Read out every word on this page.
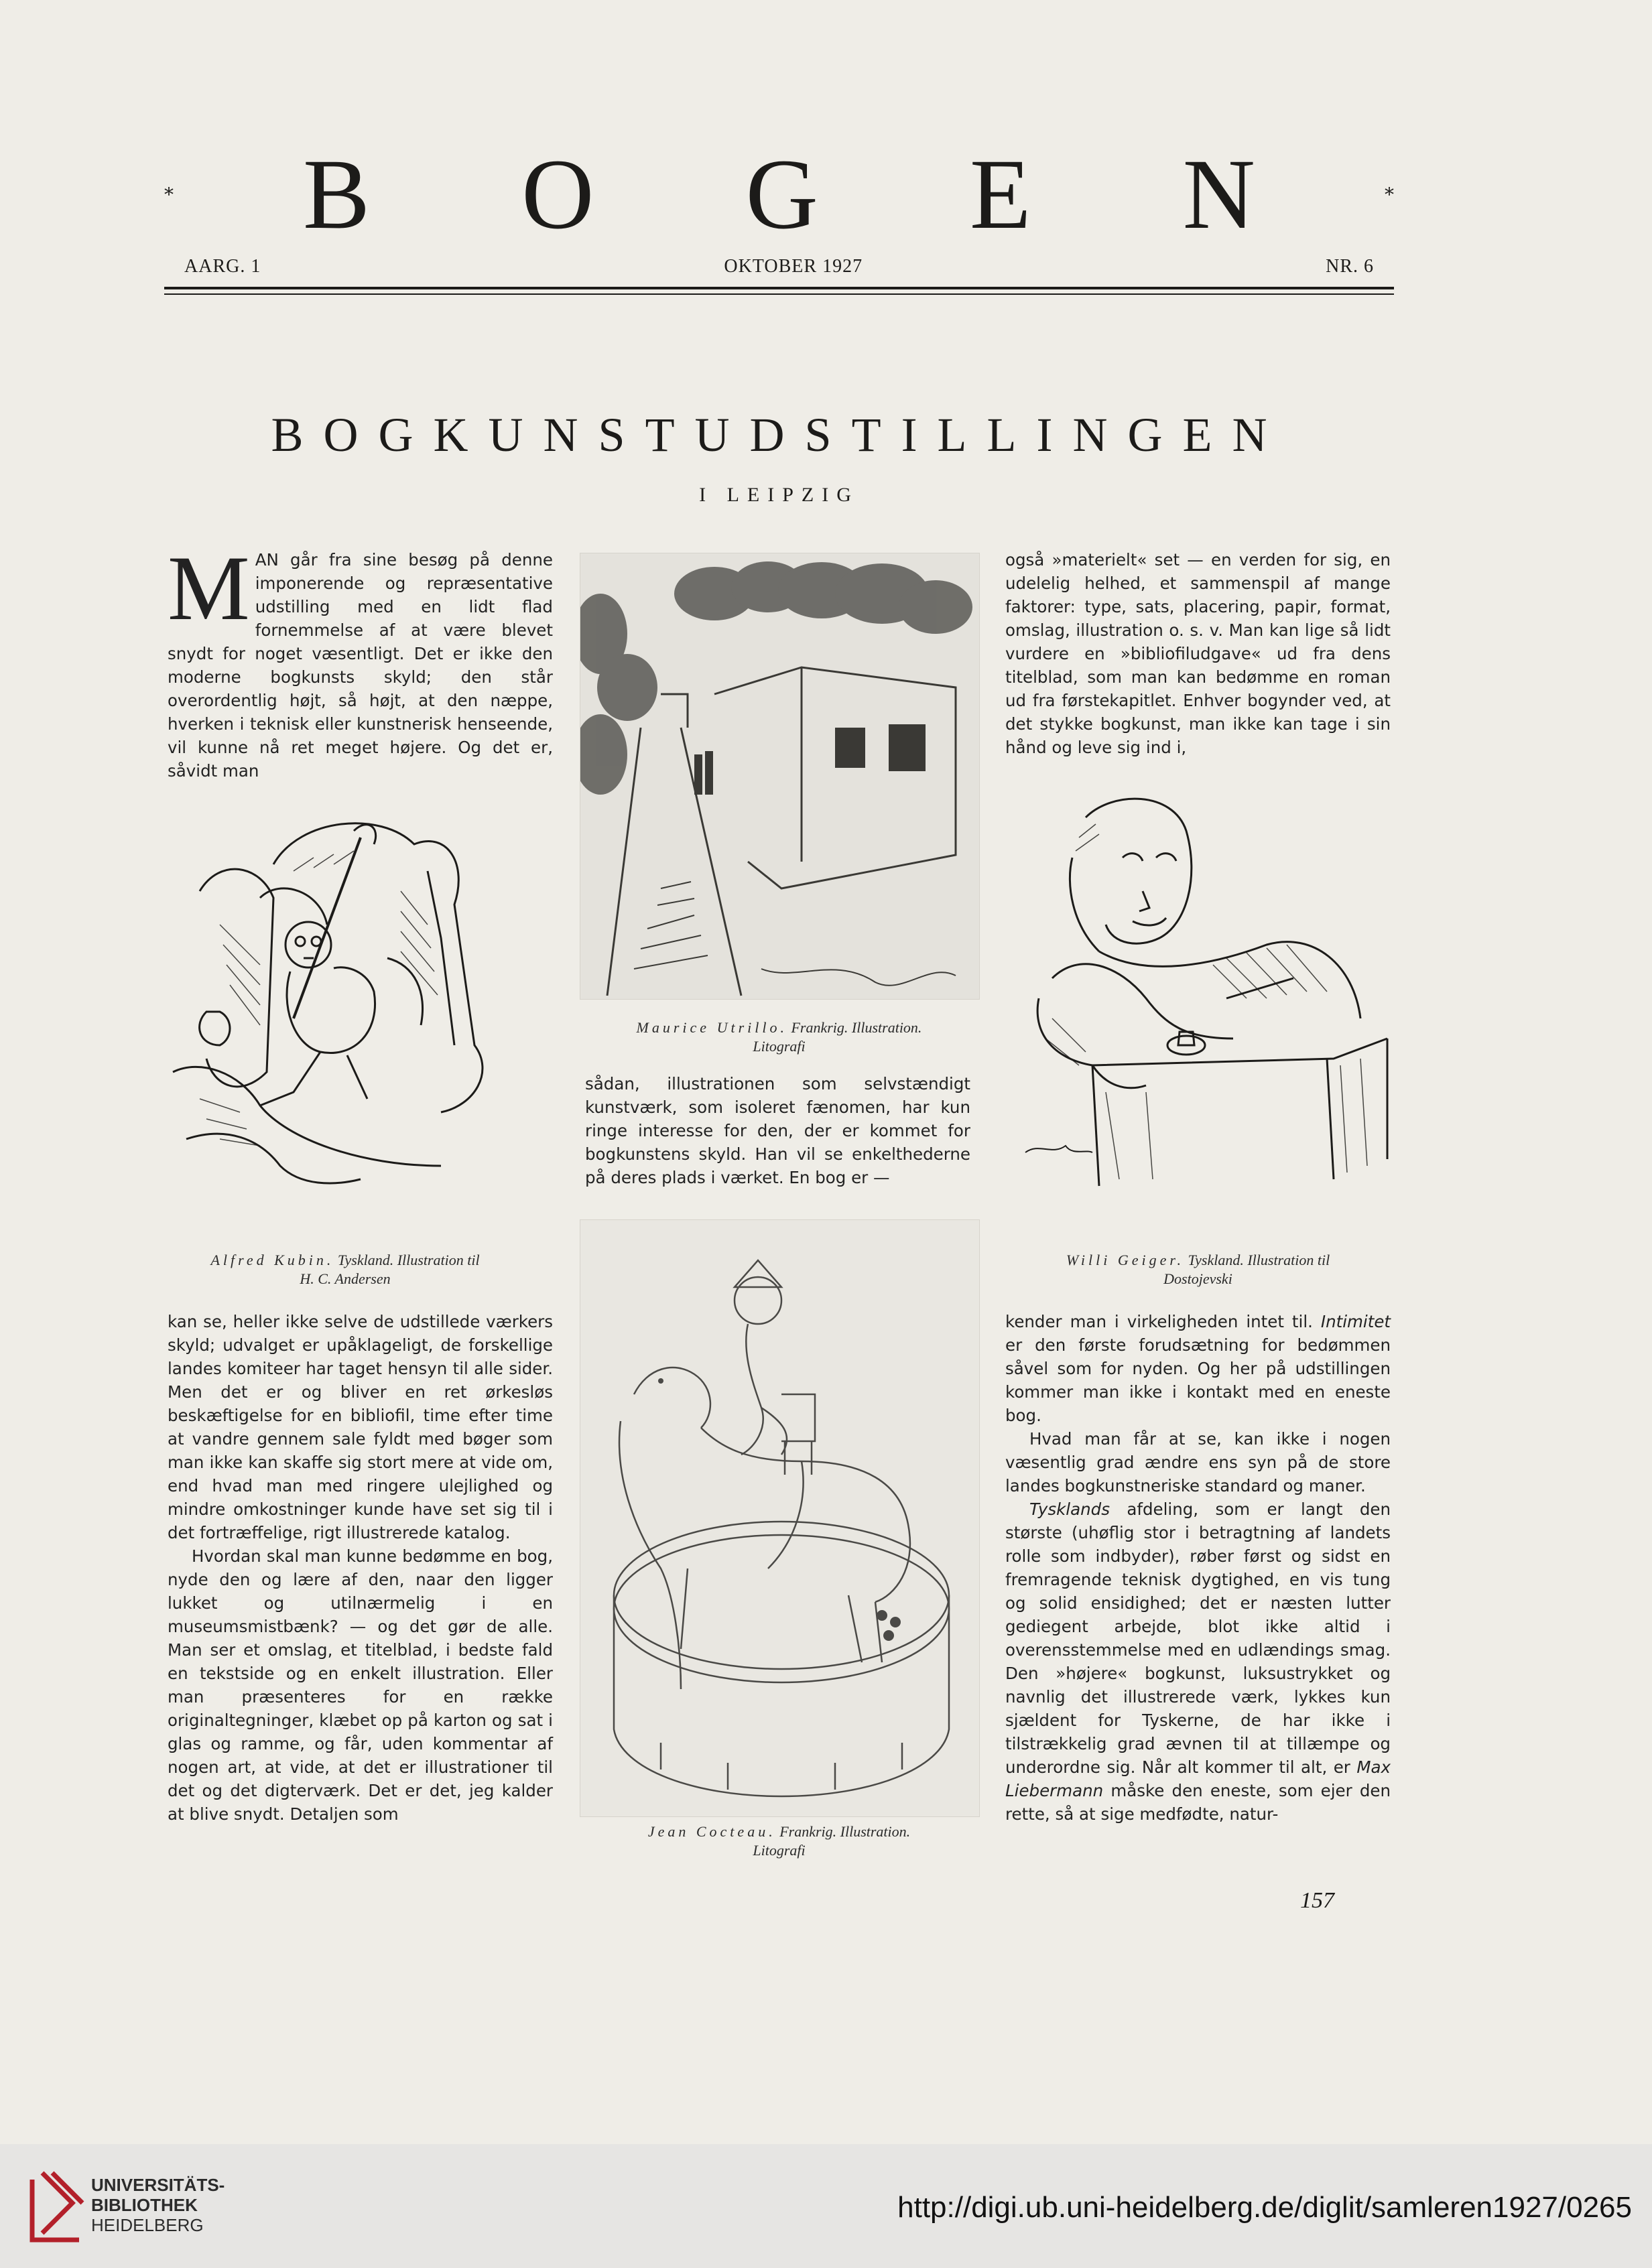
* B O G E N	*
AARG. 1	OKTOBER 1927	NR. 6
BOGKUNSTUDSTILLINGEN
I LEIPZIG

MAN går fra sine besøg på denne imponerende og repræsentative udstilling med en lidt flad fornemmelse af at være blevet snydt for noget væsentligt. Det er ikke den moderne bogkunsts skyld; den står overordentlig højt, så højt, at den næppe, hverken i teknisk eller kunstnerisk henseende, vil kunne nå ret meget højere. Og det er, såvidt man

Alfred Kubin. Tyskland. Illustration til
H. C. Andersen
Maurice Utrillo. Frankrig. Illustration.
Litografi

sådan, illustrationen som selvstændigt kunstværk, som isoleret fænomen, har kun ringe interesse for den, der er kommet for bogkunstens skyld. Han vil se enkelthederne på deres plads i værket. En bog er —

også »materielt« set — en verden for sig, en udelelig helhed, et sammenspil af mange faktorer: type, sats, placering, papir, format, omslag, illustration o. s. v. Man kan lige så lidt vurdere en »bibliofiludgave« ud fra dens titelblad, som man kan bedømme en roman ud fra førstekapitlet. Enhver bogynder ved, at det stykke bogkunst, man ikke kan tage i sin hånd og leve sig ind i,

Willi Geiger. Tyskland. Illustration til
Dostojevski

kan se, heller ikke selve de udstillede værkers skyld; udvalget er upåklageligt, de forskellige landes komiteer har taget hensyn til alle sider. Men det er og bliver en ret ørkesløs beskæftigelse for en bibliofil, time efter time at vandre gennem sale fyldt med bøger som man ikke kan skaffe sig stort mere at vide om, end hvad man med ringere ulejlighed og mindre omkostninger kunde have set sig til i det fortræffelige, rigt illustrerede katalog.

Hvordan skal man kunne bedømme en bog, nyde den og lære af den, naar den ligger lukket og utilnærmelig i en museumsmistbænk? — og det gør de alle. Man ser et omslag, et titelblad, i bedste fald en tekstside og en enkelt illustration. Eller man præsenteres for en række originaltegninger, klæbet op på karton og sat i glas og ramme, og får, uden kommentar af nogen art, at vide, at det er illustrationer til det og det digterværk. Det er det, jeg kalder at blive snydt. Detaljen som

Jean Cocteau. Frankrig. Illustration.
Litografi

kender man i virkeligheden intet til. Intimitet er den første forudsætning for bedømmen såvel som for nyden. Og her på udstillingen kommer man ikke i kontakt med en eneste bog.

Hvad man får at se, kan ikke i nogen væsentlig grad ændre ens syn på de store landes bogkunstneriske standard og maner.

Tysklands afdeling, som er langt den største (uhøflig stor i betragtning af landets rolle som indbyder), røber først og sidst en fremragende teknisk dygtighed, en vis tung og solid ensidighed; det er næsten lutter gediegent arbejde, blot ikke altid i overensstemmelse med en udlændings smag. Den »højere« bogkunst, luksustrykket og navnlig det illustrerede værk, lykkes kun sjældent for Tyskerne, de har ikke i tilstrækkelig grad ævnen til at tillæmpe og underordne sig. Når alt kommer til alt, er Max Liebermann måske den eneste, som ejer den rette, så at sige medfødte, natur-

157
UNIVERSITÄTS-
BIBLIOTHEK
HEIDELBERG
http://digi.ub.uni-heidelberg.de/diglit/samleren1927/0265
